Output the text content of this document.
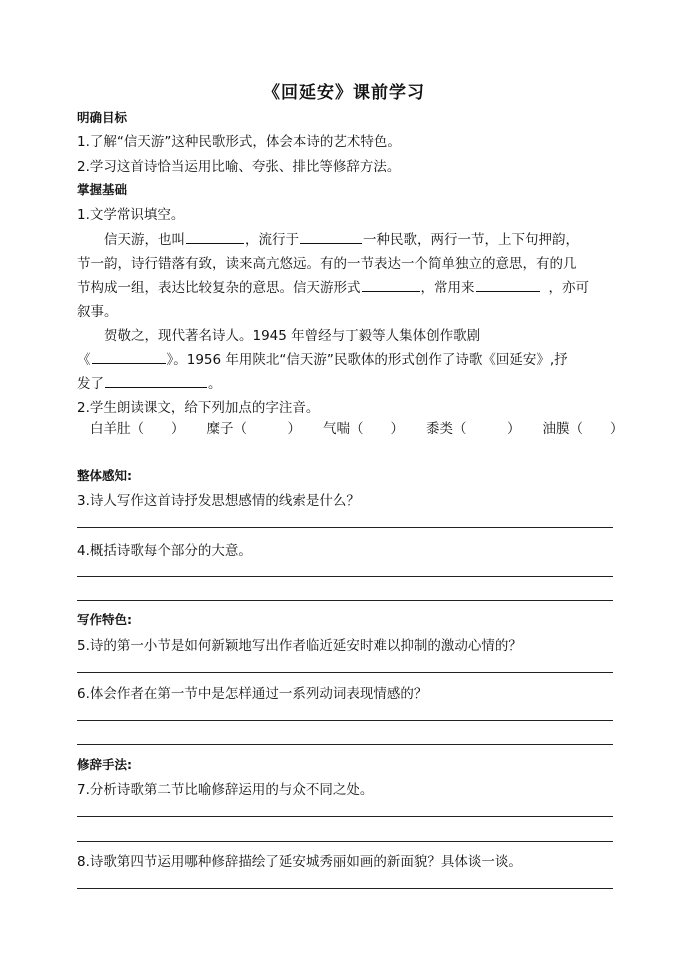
《回延安》课前学习
明确目标
1.了解“信天游”这种民歌形式，体会本诗的艺术特色。
2.学习这首诗恰当运用比喻、夸张、排比等修辞方法。
掌握基础
1.文学常识填空。
信天游，也叫	，流行于	一种民歌，两行一节，上下句押韵，
节一韵，诗行错落有致，读来高亢悠远。有的一节表达一个简单独立的意思，有的几
节构成一组，表达比较复杂的意思。信天游形式	，常用来	，亦可
叙事。
贺敬之，现代著名诗人。1945 年曾经与丁毅等人集体创作歌剧
《	》。1956 年用陕北“信天游”民歌体的形式创作了诗歌《回延安》,抒
发了	。
2.学生朗读课文，给下列加点的字注音。
白羊肚（　　） 糜子（　　　） 气喘（　　） 黍类（　　　） 油膜（　　）
整体感知:
3.诗人写作这首诗抒发思想感情的线索是什么？
4.概括诗歌每个部分的大意。
写作特色:
5.诗的第一小节是如何新颖地写出作者临近延安时难以抑制的激动心情的？
6.体会作者在第一节中是怎样通过一系列动词表现情感的？
修辞手法:
7.分析诗歌第二节比喻修辞运用的与众不同之处。
8.诗歌第四节运用哪种修辞描绘了延安城秀丽如画的新面貌？具体谈一谈。
